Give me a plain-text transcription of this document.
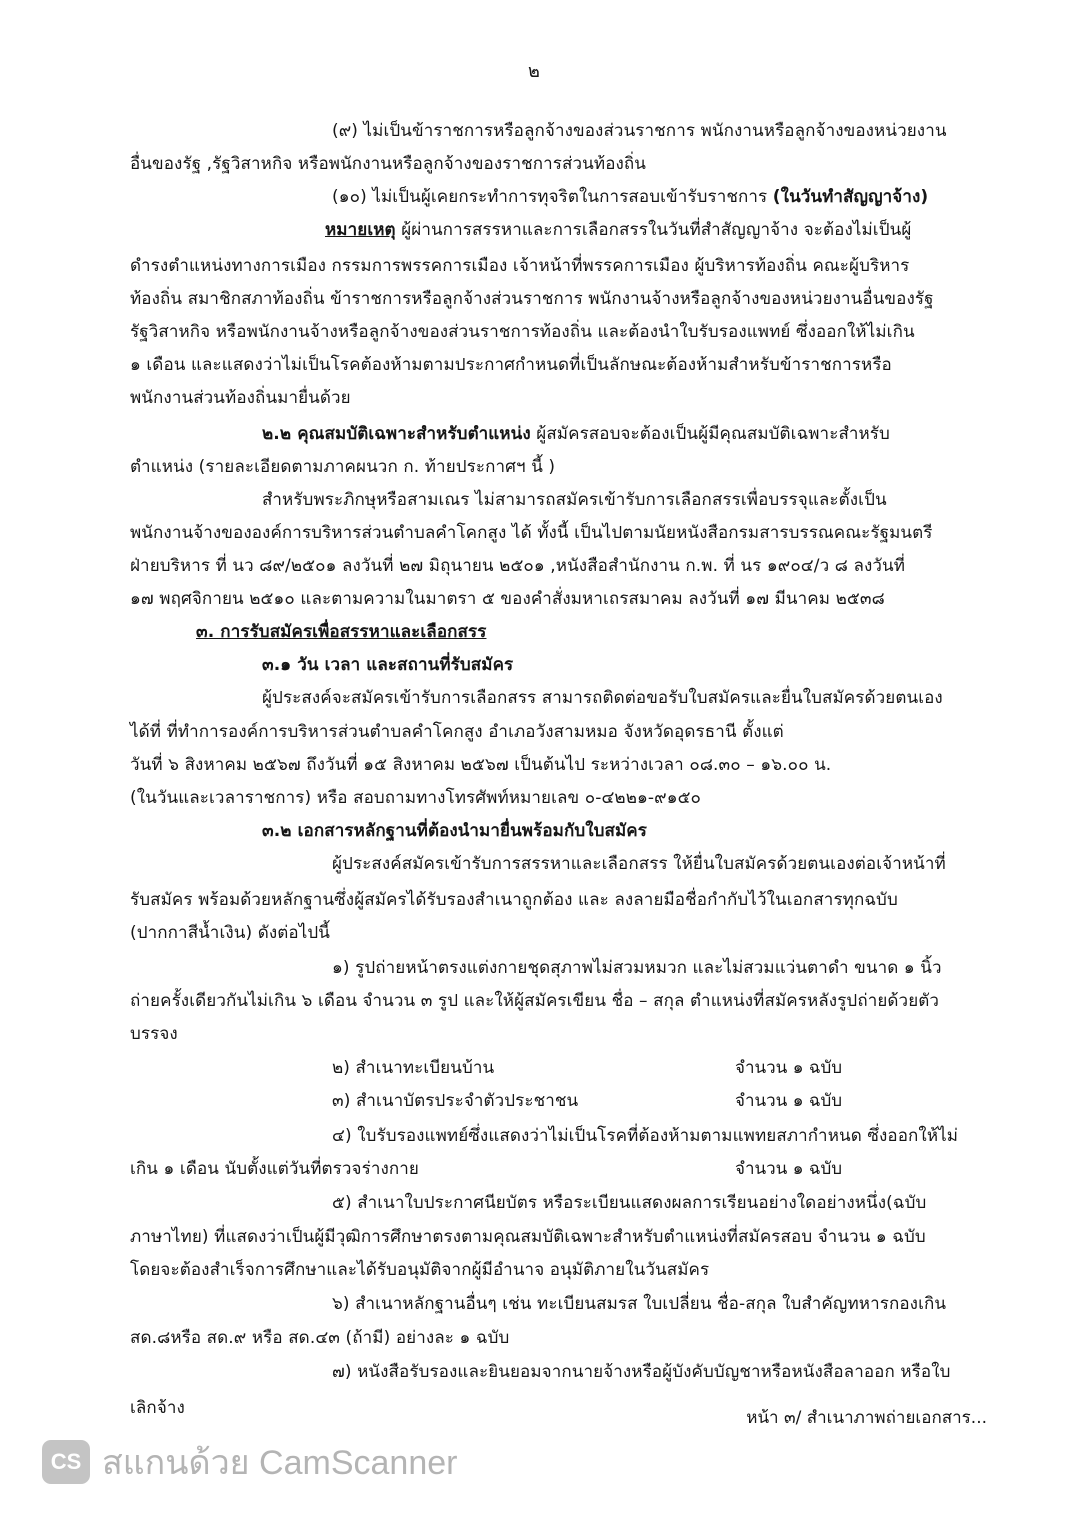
๒
(๙) ไม่เป็นข้าราชการหรือลูกจ้างของส่วนราชการ พนักงานหรือลูกจ้างของหน่วยงาน
อื่นของรัฐ ,รัฐวิสาหกิจ หรือพนักงานหรือลูกจ้างของราชการส่วนท้องถิ่น
(๑๐) ไม่เป็นผู้เคยกระทำการทุจริตในการสอบเข้ารับราชการ (ในวันทำสัญญาจ้าง)
หมายเหตุ ผู้ผ่านการสรรหาและการเลือกสรรในวันที่สำสัญญาจ้าง จะต้องไม่เป็นผู้
ดำรงตำแหน่งทางการเมือง กรรมการพรรคการเมือง เจ้าหน้าที่พรรคการเมือง ผู้บริหารท้องถิ่น คณะผู้บริหาร
ท้องถิ่น สมาชิกสภาท้องถิ่น ข้าราชการหรือลูกจ้างส่วนราชการ พนักงานจ้างหรือลูกจ้างของหน่วยงานอื่นของรัฐ
รัฐวิสาหกิจ หรือพนักงานจ้างหรือลูกจ้างของส่วนราชการท้องถิ่น และต้องนำใบรับรองแพทย์ ซึ่งออกให้ไม่เกิน
๑ เดือน และแสดงว่าไม่เป็นโรคต้องห้ามตามประกาศกำหนดที่เป็นลักษณะต้องห้ามสำหรับข้าราชการหรือ
พนักงานส่วนท้องถิ่นมายื่นด้วย
๒.๒ คุณสมบัติเฉพาะสำหรับตำแหน่ง ผู้สมัครสอบจะต้องเป็นผู้มีคุณสมบัติเฉพาะสำหรับ
ตำแหน่ง (รายละเอียดตามภาคผนวก ก. ท้ายประกาศฯ นี้ )
สำหรับพระภิกษุหรือสามเณร ไม่สามารถสมัครเข้ารับการเลือกสรรเพื่อบรรจุและตั้งเป็น
พนักงานจ้างขององค์การบริหารส่วนตำบลคำโคกสูง ได้ ทั้งนี้ เป็นไปตามนัยหนังสือกรมสารบรรณคณะรัฐมนตรี
ฝ่ายบริหาร ที่ นว ๘๙/๒๕๐๑ ลงวันที่ ๒๗ มิถุนายน ๒๕๐๑ ,หนังสือสำนักงาน ก.พ. ที่ นร ๑๙๐๔/ว ๘ ลงวันที่
๑๗ พฤศจิกายน ๒๕๑๐ และตามความในมาตรา ๕ ของคำสั่งมหาเถรสมาคม ลงวันที่ ๑๗ มีนาคม ๒๕๓๘
๓. การรับสมัครเพื่อสรรหาและเลือกสรร
๓.๑ วัน เวลา และสถานที่รับสมัคร
ผู้ประสงค์จะสมัครเข้ารับการเลือกสรร สามารถติดต่อขอรับใบสมัครและยื่นใบสมัครด้วยตนเอง
ได้ที่ ที่ทำการองค์การบริหารส่วนตำบลคำโคกสูง อำเภอวังสามหมอ จังหวัดอุดรธานี ตั้งแต่
วันที่ ๖ สิงหาคม ๒๕๖๗ ถึงวันที่ ๑๕ สิงหาคม ๒๕๖๗ เป็นต้นไป ระหว่างเวลา ๐๘.๓๐ – ๑๖.๐๐ น.
(ในวันและเวลาราชการ) หรือ สอบถามทางโทรศัพท์หมายเลข ๐-๔๒๒๑-๙๑๕๐
๓.๒ เอกสารหลักฐานที่ต้องนำมายื่นพร้อมกับใบสมัคร
ผู้ประสงค์สมัครเข้ารับการสรรหาและเลือกสรร ให้ยื่นใบสมัครด้วยตนเองต่อเจ้าหน้าที่
รับสมัคร พร้อมด้วยหลักฐานซึ่งผู้สมัครได้รับรองสำเนาถูกต้อง และ ลงลายมือชื่อกำกับไว้ในเอกสารทุกฉบับ
(ปากกาสีน้ำเงิน) ดังต่อไปนี้
๑) รูปถ่ายหน้าตรงแต่งกายชุดสุภาพไม่สวมหมวก และไม่สวมแว่นตาดำ ขนาด ๑ นิ้ว
ถ่ายครั้งเดียวกันไม่เกิน ๖ เดือน จำนวน ๓ รูป และให้ผู้สมัครเขียน ชื่อ – สกุล ตำแหน่งที่สมัครหลังรูปถ่ายด้วยตัว
บรรจง
๒) สำเนาทะเบียนบ้าน	จำนวน ๑ ฉบับ
๓) สำเนาบัตรประจำตัวประชาชน	จำนวน ๑ ฉบับ
๔) ใบรับรองแพทย์ซึ่งแสดงว่าไม่เป็นโรคที่ต้องห้ามตามแพทยสภากำหนด ซึ่งออกให้ไม่
เกิน ๑ เดือน นับตั้งแต่วันที่ตรวจร่างกาย	จำนวน ๑ ฉบับ
๕) สำเนาใบประกาศนียบัตร หรือระเบียนแสดงผลการเรียนอย่างใดอย่างหนึ่ง(ฉบับ
ภาษาไทย) ที่แสดงว่าเป็นผู้มีวุฒิการศึกษาตรงตามคุณสมบัติเฉพาะสำหรับตำแหน่งที่สมัครสอบ จำนวน ๑ ฉบับ
โดยจะต้องสำเร็จการศึกษาและได้รับอนุมัติจากผู้มีอำนาจ อนุมัติภายในวันสมัคร
๖) สำเนาหลักฐานอื่นๆ เช่น ทะเบียนสมรส ใบเปลี่ยน ชื่อ-สกุล ใบสำคัญทหารกองเกิน
สด.๘หรือ สด.๙ หรือ สด.๔๓ (ถ้ามี) อย่างละ ๑ ฉบับ
๗) หนังสือรับรองและยินยอมจากนายจ้างหรือผู้บังคับบัญชาหรือหนังสือลาออก หรือใบ
เลิกจ้าง	หน้า ๓/ สำเนาภาพถ่ายเอกสาร...
CS สแกนด้วย CamScanner
